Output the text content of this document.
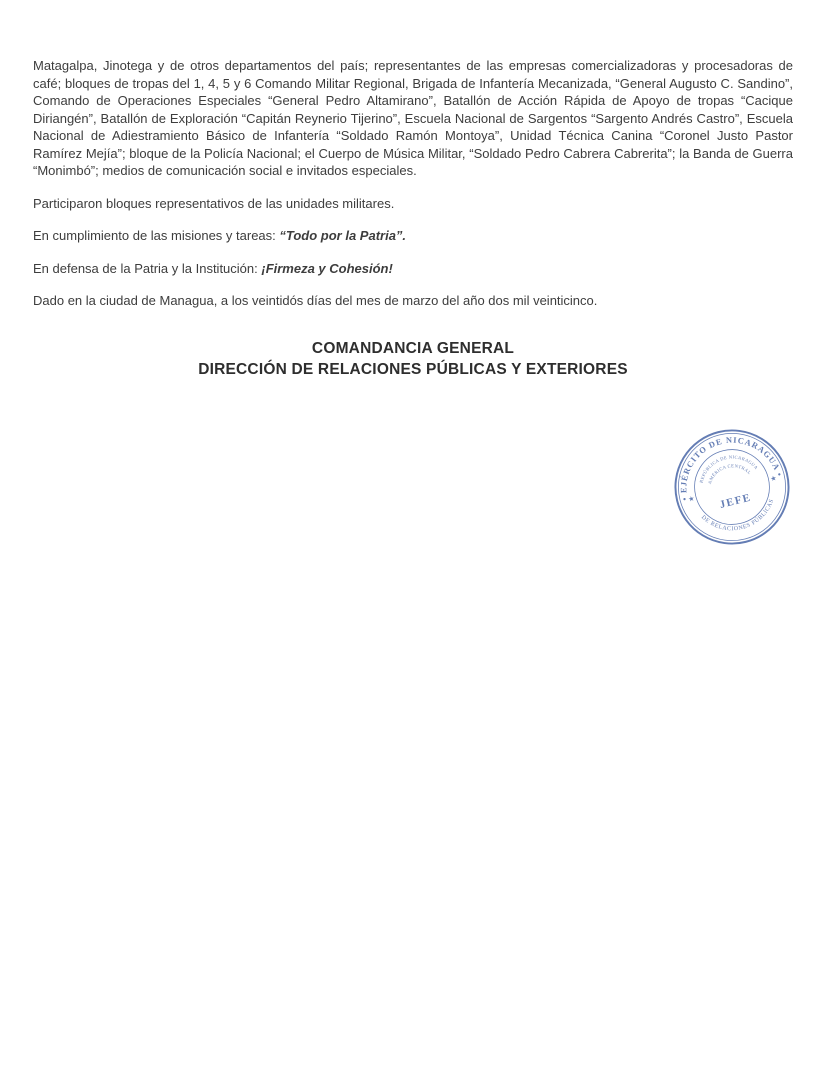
Matagalpa, Jinotega y de otros departamentos del país; representantes de las empresas comercializadoras y procesadoras de café; bloques de tropas del 1, 4, 5 y 6 Comando Militar Regional, Brigada de Infantería Mecanizada, “General Augusto C. Sandino”, Comando de Operaciones Especiales “General Pedro Altamirano”, Batallón de Acción Rápida de Apoyo de tropas “Cacique Diriangén”, Batallón de Exploración “Capitán Reynerio Tijerino”, Escuela Nacional de Sargentos “Sargento Andrés Castro”, Escuela Nacional de Adiestramiento Básico de Infantería “Soldado Ramón Montoya”, Unidad Técnica Canina “Coronel Justo Pastor Ramírez Mejía”; bloque de la Policía Nacional; el Cuerpo de Música Militar, “Soldado Pedro Cabrera Cabrerita”; la Banda de Guerra “Monimbó”; medios de comunicación social e invitados especiales.

Participaron bloques representativos de las unidades militares.

En cumplimiento de las misiones y tareas: “Todo por la Patria”.

En defensa de la Patria y la Institución: ¡Firmeza y Cohesión!

Dado en la ciudad de Managua, a los veintidós días del mes de marzo del año dos mil veinticinco.

COMANDANCIA GENERAL
DIRECCIÓN DE RELACIONES PÚBLICAS Y EXTERIORES
• EJÉRCITO DE NICARAGUA •
DE RELACIONES PÚBLICAS
REPÚBLICA DE NICARAGUA
AMÉRICA CENTRAL
JEFE
★
★
